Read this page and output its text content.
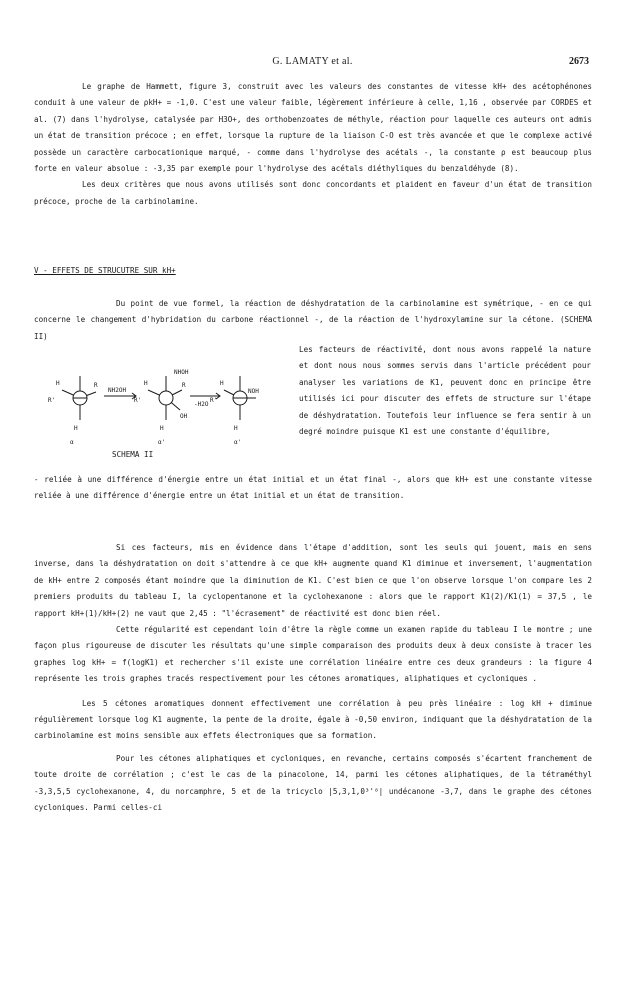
G. LAMATY et al.	2673

Le graphe de Hammett, figure 3, construit avec les valeurs des constantes de vitesse kH+ des acétophénones conduit à une valeur de ρkH+ = -1,0. C'est une valeur faible, légèrement inférieure à celle, 1,16 , observée par CORDES et al. (7) dans l'hydrolyse, catalysée par H3O+, des orthobenzoates de méthyle, réaction pour laquelle ces auteurs ont admis un état de transition précoce ; en effet, lorsque la rupture de la liaison C-O est très avancée et que le complexe activé possède un caractère carbocationique marqué, - comme dans l'hydrolyse des acétals -, la constante ρ est beaucoup plus forte en valeur absolue : -3,35 par exemple pour l'hydrolyse des acétals diéthyliques du benzaldéhyde (8).

Les deux critères que nous avons utilisés sont donc concordants et plaident en faveur d'un état de transition précoce, proche de la carbinolamine.

V - EFFETS DE STRUCUTRE SUR kH+

Du point de vue formel, la réaction de déshydratation de la carbinolamine est symétrique, - en ce qui concerne le changement d'hybridation du carbone réactionnel -, de la réaction de l'hydroxylamine sur la cétone. (SCHEMA II)

H
R'
R
H
NH2OH
NHOH
H
R'
R
OH
H
-H2O
H
R'
NOH
H
α	α'	α'
SCHEMA II

Les facteurs de réactivité, dont nous avons rappelé la nature et dont nous nous sommes servis dans l'article précédent pour analyser les variations de K1, peuvent donc en principe être utilisés ici pour discuter des effets de structure sur l'étape de déshydratation. Toutefois leur influence se fera sentir à un degré moindre puisque K1 est une constante d'équilibre,

- reliée à une différence d'énergie entre un état initial et un état final -, alors que kH+ est une constante vitesse reliée à une différence d'énergie entre un état initial et un état de transition.

Si ces facteurs, mis en évidence dans l'étape d'addition, sont les seuls qui jouent, mais en sens inverse, dans la déshydratation on doit s'attendre à ce que kH+ augmente quand K1 diminue et inversement, l'augmentation de kH+ entre 2 composés étant moindre que la diminution de K1. C'est bien ce que l'on observe lorsque l'on compare les 2 premiers produits du tableau I, la cyclopentanone et la cyclohexanone : alors que le rapport K1(2)/K1(1) = 37,5 , le rapport kH+(1)/kH+(2) ne vaut que 2,45 : "l'écrasement" de réactivité est donc bien réel.

Cette régularité est cependant loin d'être la règle comme un examen rapide du tableau I le montre ; une façon plus rigoureuse de discuter les résultats qu'une simple comparaison des produits deux à deux consiste à tracer les graphes log kH+ = f(logK1) et rechercher s'il existe une corrélation linéaire entre ces deux grandeurs : la figure 4 représente les trois graphes tracés respectivement pour les cétones aromatiques, aliphatiques et cycloniques .

Les 5 cétones aromatiques donnent effectivement une corrélation à peu près linéaire : log kH + diminue régulièrement lorsque log K1 augmente, la pente de la droite, égale à -0,50 environ, indiquant que la déshydratation de la carbinolamine est moins sensible aux effets électroniques que sa formation.

Pour les cétones aliphatiques et cycloniques, en revanche, certains composés s'écartent franchement de toute droite de corrélation ; c'est le cas de la pinacolone, 14, parmi les cétones aliphatiques, de la tétraméthyl -3,3,5,5 cyclohexanone, 4, du norcamphre, 5 et de la tricyclo |5,3,1,0³'⁸| undécanone -3,7, dans le graphe des cétones cycloniques. Parmi celles-ci
